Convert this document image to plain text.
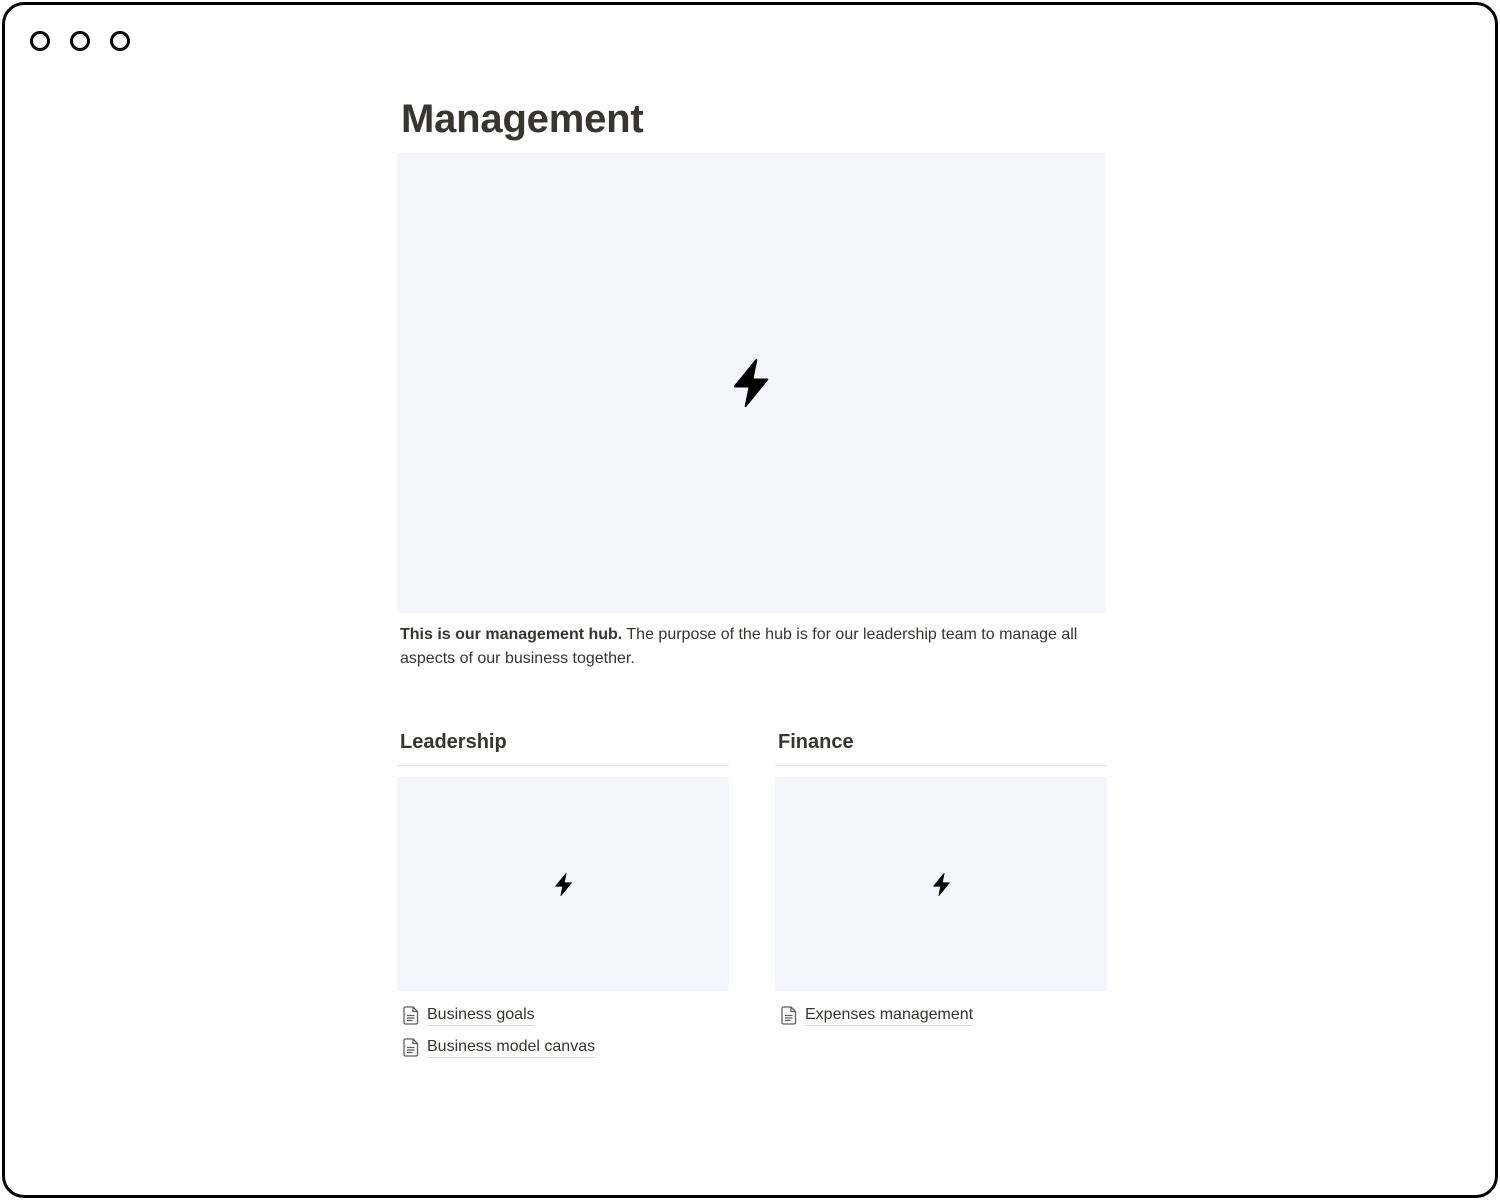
Management

This is our management hub. The purpose of the hub is for our leadership team to manage all aspects of our business together.

Leadership
Business goals
Business model canvas
Finance
Expenses management
